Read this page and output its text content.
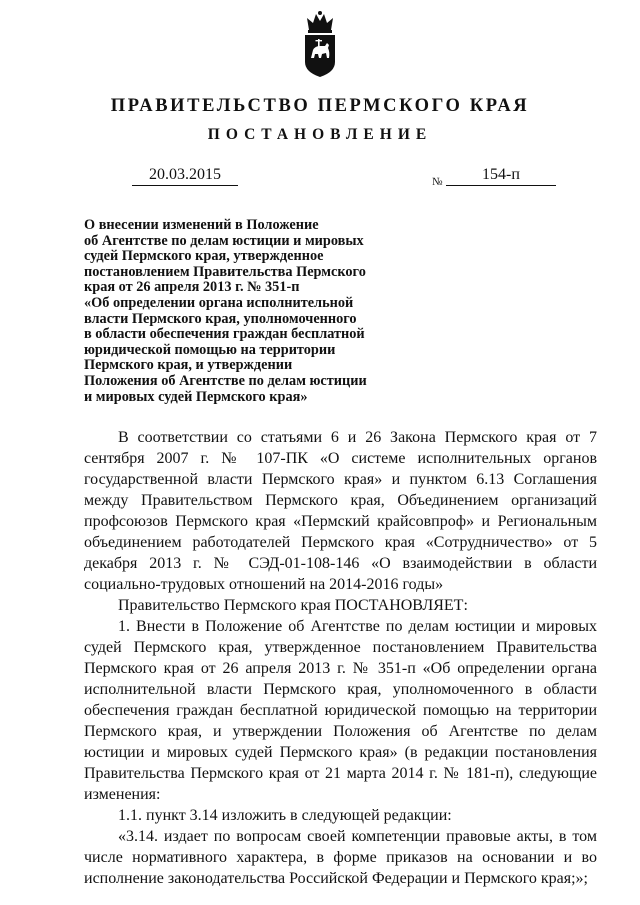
ПРАВИТЕЛЬСТВО ПЕРМСКОГО КРАЯ
ПОСТАНОВЛЕНИЕ
20.03.2015	№	154-п

О внесении изменений в Положение
об Агентстве по делам юстиции и мировых
судей Пермского края, утвержденное
постановлением Правительства Пермского
края от 26 апреля 2013 г. № 351-п
«Об определении органа исполнительной
власти Пермского края, уполномоченного
в области обеспечения граждан бесплатной
юридической помощью на территории
Пермского края, и утверждении
Положения об Агентстве по делам юстиции
и мировых судей Пермского края»

В соответствии со статьями 6 и 26 Закона Пермского края от 7 сентября 2007 г. № 107-ПК «О системе исполнительных органов государственной власти Пермского края» и пунктом 6.13 Соглашения между Правительством Пермского края, Объединением организаций профсоюзов Пермского края «Пермский крайсовпроф» и Региональным объединением работодателей Пермского края «Сотрудничество» от 5 декабря 2013 г. № СЭД-01-108-146 «О взаимодействии в области социально-трудовых отношений на 2014-2016 годы»

Правительство Пермского края ПОСТАНОВЛЯЕТ:

1. Внести в Положение об Агентстве по делам юстиции и мировых судей Пермского края, утвержденное постановлением Правительства Пермского края от 26 апреля 2013 г. № 351-п «Об определении органа исполнительной власти Пермского края, уполномоченного в области обеспечения граждан бесплатной юридической помощью на территории Пермского края, и утверждении Положения об Агентстве по делам юстиции и мировых судей Пермского края» (в редакции постановления Правительства Пермского края от 21 марта 2014 г. № 181-п), следующие изменения:

1.1. пункт 3.14 изложить в следующей редакции:

«3.14. издает по вопросам своей компетенции правовые акты, в том числе нормативного характера, в форме приказов на основании и во исполнение законодательства Российской Федерации и Пермского края;»;
